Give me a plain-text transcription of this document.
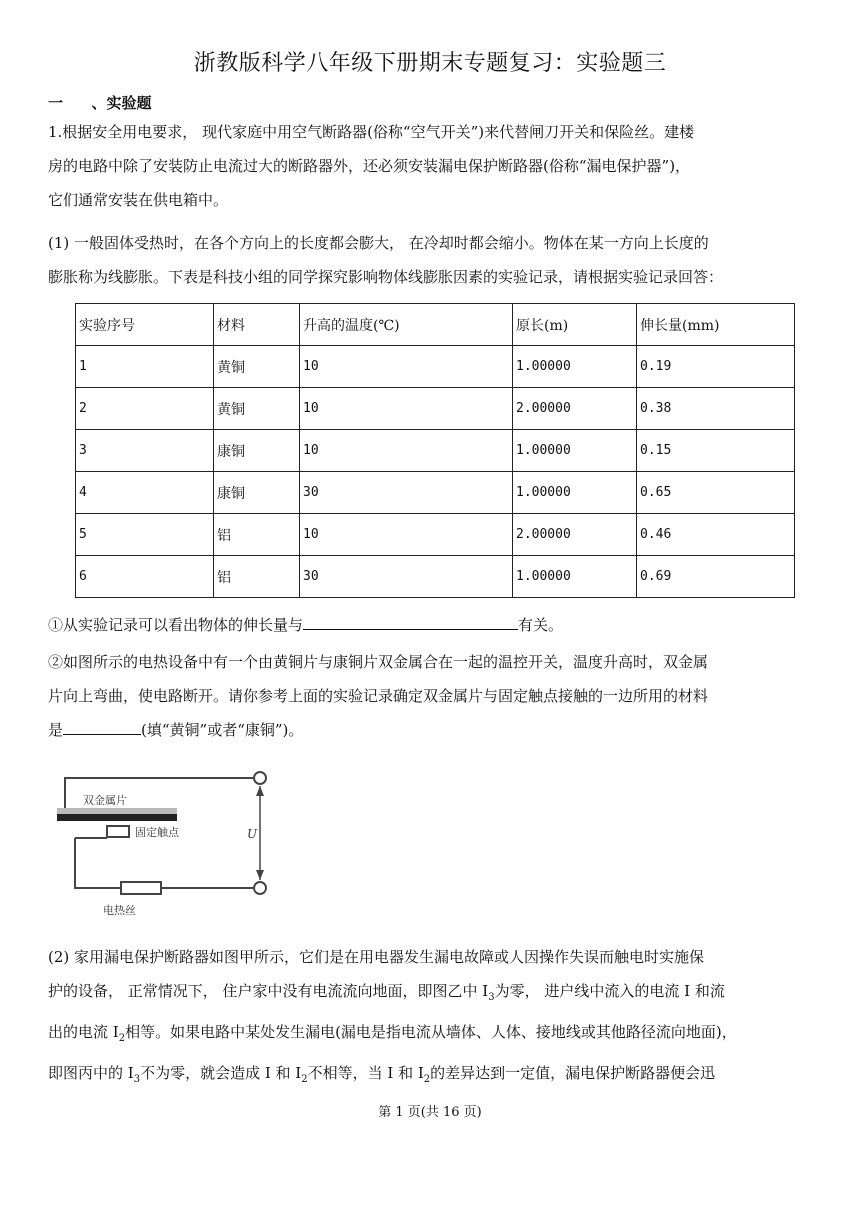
浙教版科学八年级下册期末专题复习：实验题三
一 、实验题
1.根据安全用电要求， 现代家庭中用空气断路器(俗称“空气开关”)来代替闸刀开关和保险丝。建楼
房的电路中除了安装防止电流过大的断路器外，还必须安装漏电保护断路器(俗称“漏电保护器”)，
它们通常安装在供电箱中。
(1) 一般固体受热时，在各个方向上的长度都会膨大， 在冷却时都会缩小。物体在某一方向上长度的
膨胀称为线膨胀。下表是科技小组的同学探究影响物体线膨胀因素的实验记录，请根据实验记录回答：
实验序号	材料	升高的温度(℃)	原长(m)	伸长量(mm)
1	黄铜	10	1.00000	0.19
2	黄铜	10	2.00000	0.38
3	康铜	10	1.00000	0.15
4	康铜	30	1.00000	0.65
5	铝	10	2.00000	0.46
6	铝	30	1.00000	0.69
①从实验记录可以看出物体的伸长量与	有关。
②如图所示的电热设备中有一个由黄铜片与康铜片双金属合在一起的温控开关，温度升高时，双金属
片向上弯曲，使电路断开。请你参考上面的实验记录确定双金属片与固定触点接触的一边所用的材料
是	(填“黄铜”或者“康铜”)。
双金属片
固定触点
电热丝
U
(2) 家用漏电保护断路器如图甲所示，它们是在用电器发生漏电故障或人因操作失误而触电时实施保
护的设备， 正常情况下， 住户家中没有电流流向地面，即图乙中 $I_3$为零， 进户线中流入的电流 I 和流
出的电流 $I_2$相等。如果电路中某处发生漏电(漏电是指电流从墙体、人体、接地线或其他路径流向地面)，
即图丙中的 $I_3$不为零，就会造成 I 和 $I_2$不相等，当 I 和 $I_2$的差异达到一定值，漏电保护断路器便会迅
第 1 页(共 16 页)
